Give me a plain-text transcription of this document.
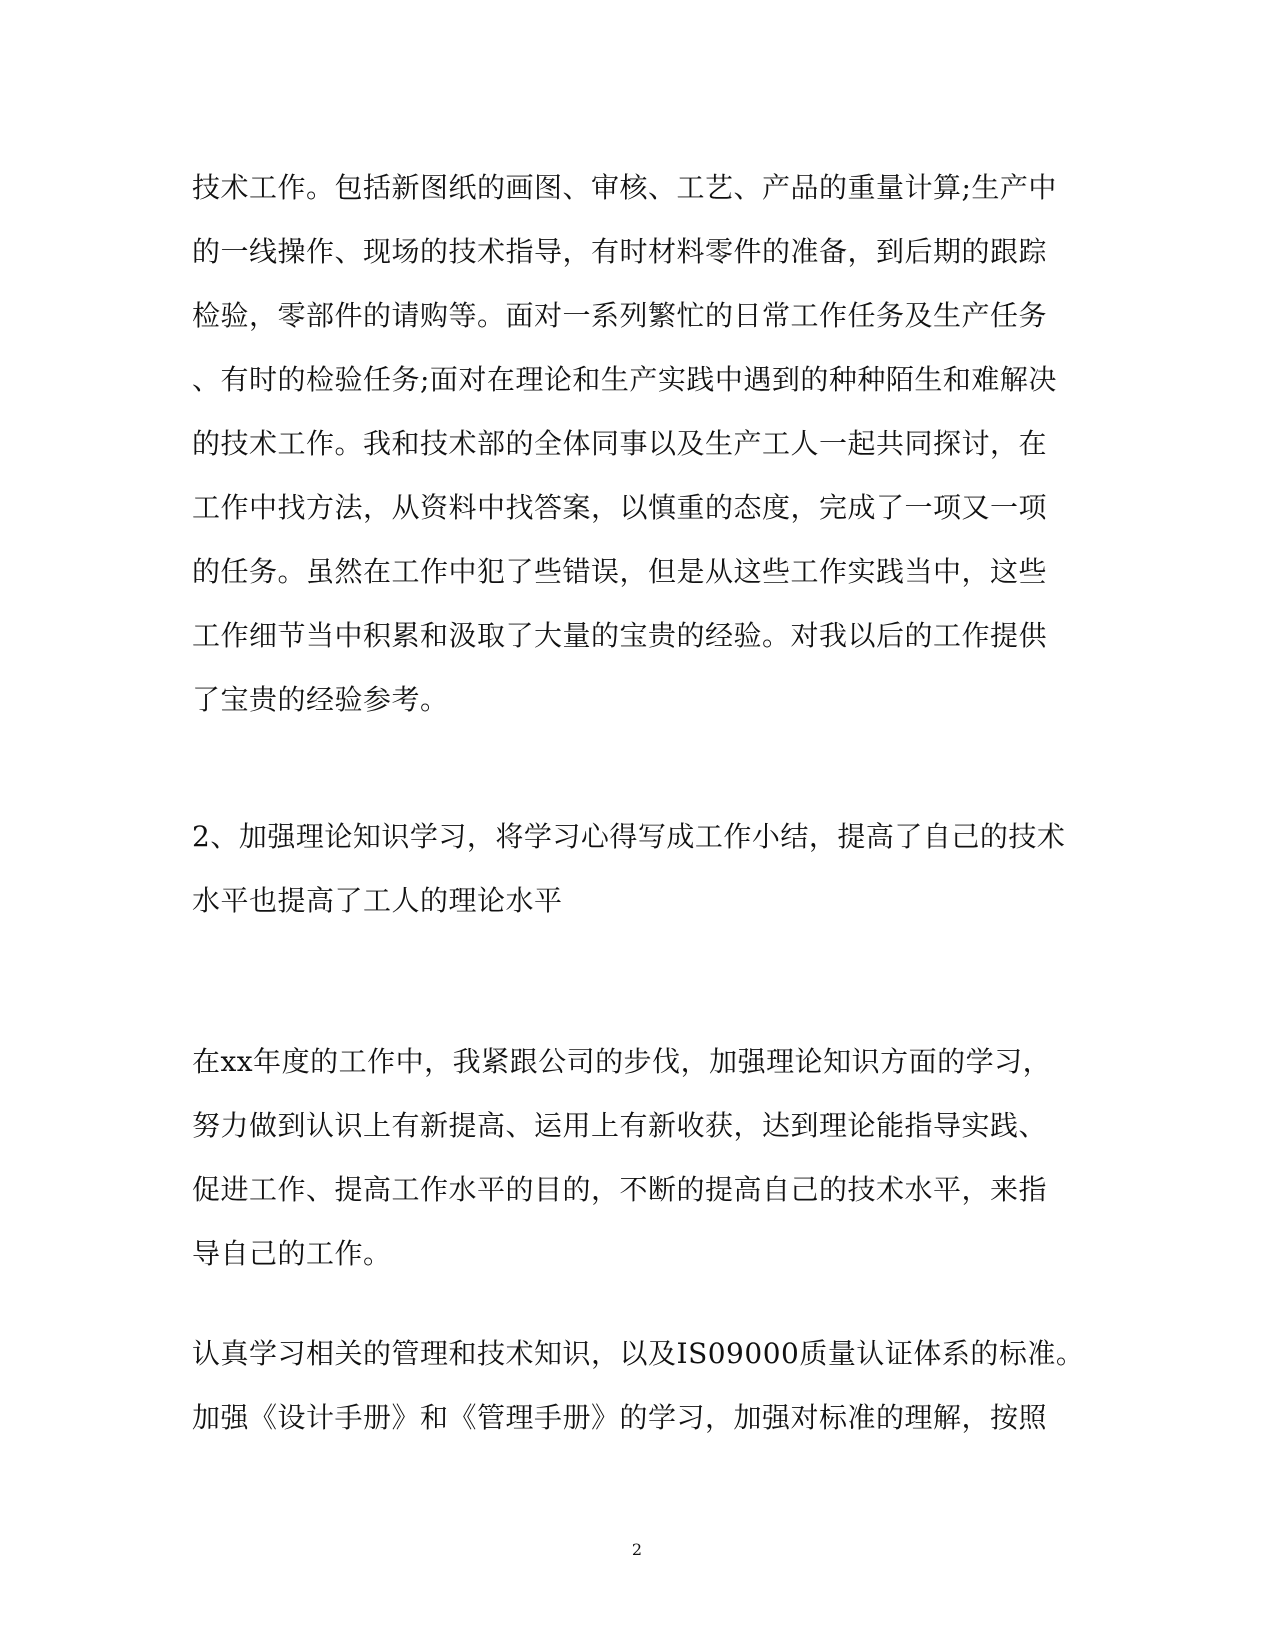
技术工作。包括新图纸的画图、审核、工艺、产品的重量计算;生产中
的一线操作、现场的技术指导，有时材料零件的准备，到后期的跟踪
检验，零部件的请购等。面对一系列繁忙的日常工作任务及生产任务
、有时的检验任务;面对在理论和生产实践中遇到的种种陌生和难解决
的技术工作。我和技术部的全体同事以及生产工人一起共同探讨，在
工作中找方法，从资料中找答案，以慎重的态度，完成了一项又一项
的任务。虽然在工作中犯了些错误，但是从这些工作实践当中，这些
工作细节当中积累和汲取了大量的宝贵的经验。对我以后的工作提供
了宝贵的经验参考。
2、加强理论知识学习，将学习心得写成工作小结，提高了自己的技术
水平也提高了工人的理论水平
在xx年度的工作中，我紧跟公司的步伐，加强理论知识方面的学习，
努力做到认识上有新提高、运用上有新收获，达到理论能指导实践、
促进工作、提高工作水平的目的，不断的提高自己的技术水平，来指
导自己的工作。
认真学习相关的管理和技术知识，以及IS09000质量认证体系的标准。
加强《设计手册》和《管理手册》的学习，加强对标准的理解，按照
2
